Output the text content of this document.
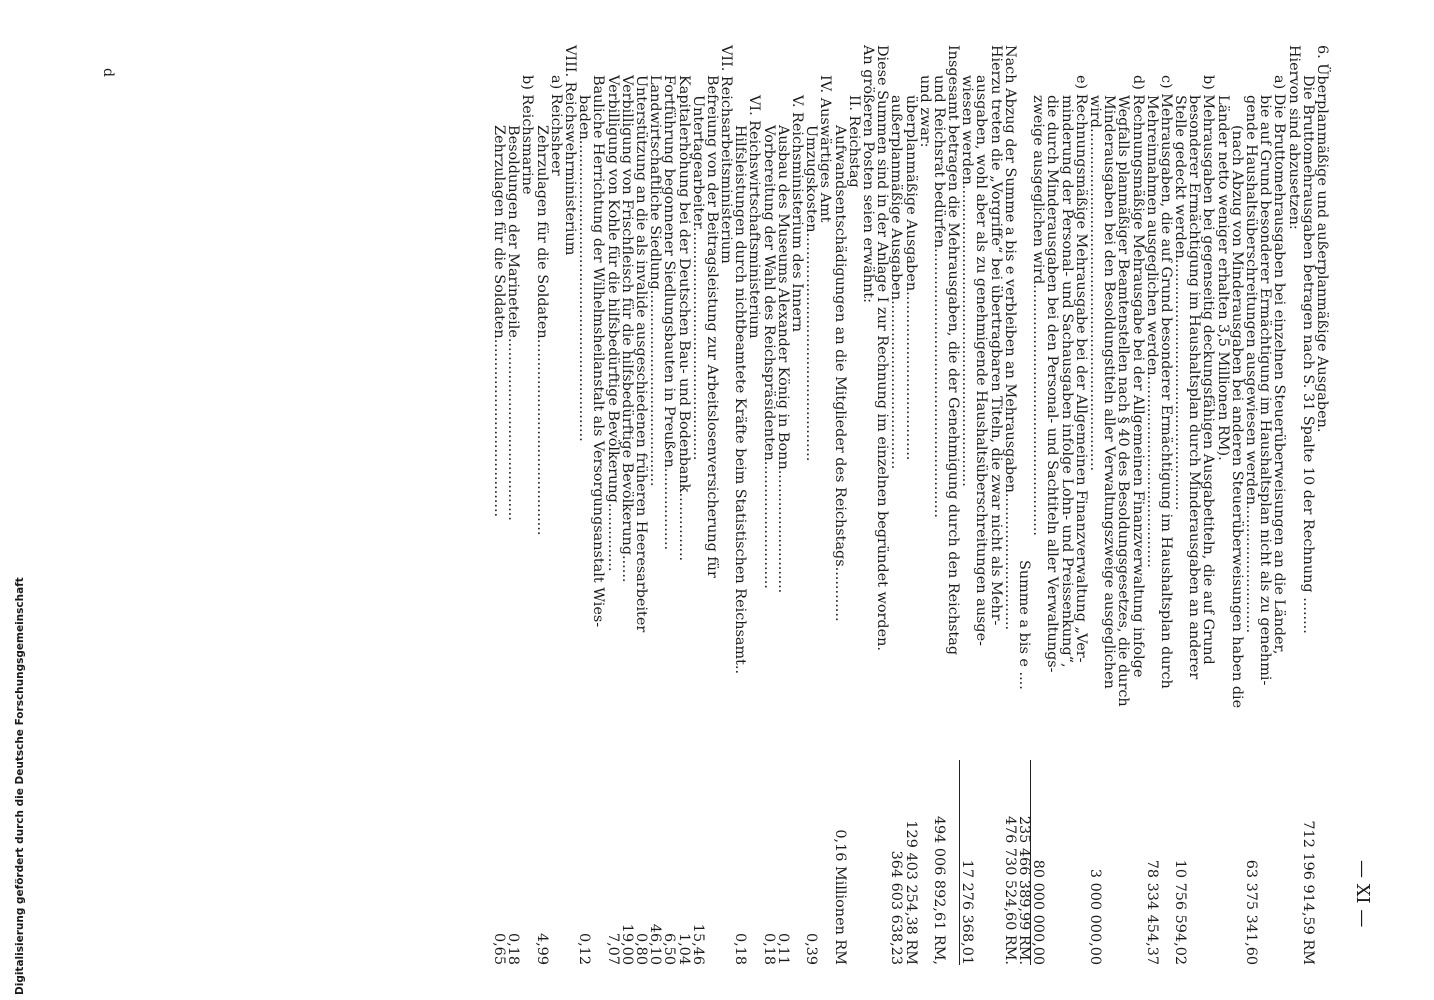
— XI —
6. Überplanmäßige und außerplanmäßige Ausgaben.
Die Bruttomehrausgaben betragen nach S. 31 Spalte 10 der Rechnung ........
712 196 914,59 RM
Hiervon sind abzusetzen:
a) Die Bruttomehrausgaben bei einzelnen Steuerüberweisungen an die Länder,
bie auf Grund besonderer Ermächtigung im Haushaltsplan nicht als zu genehmi-
gende Haushaltsüberschreitungen ausgewiesen werden............................
63 375 341,60
(nach Abzug von Minderausgaben bei anderen Steuerüberweisungen haben die
Länder netto weniger erhalten 3,5 Millionen RM).
b) Mehrausgaben bei gegenseitig deckungsfähigen Ausgabetiteln, die auf Grund
besonderer Ermächtigung im Haushaltsplan durch Minderausgaben an anderer
Stelle gedeckt werden.......................................................
10 756 594,02
c) Mehrausgaben, die auf Grund besonderer Ermächtigung im Haushaltsplan durch
Mehreinnahmen ausgeglichen werden..........................................
78 334 454,37
d) Rechnungsmäßige Mehrausgabe bei der Allgemeinen Finanzverwaltung infolge
Wegfalls planmäßiger Beamtenstellen nach § 40 des Besoldungsgesetzes, die durch
Minderausgaben bei den Besoldungstiteln aller Verwaltungszweige ausgeglichen
wird...........................................................................
3 000 000,00
e) Rechnungsmäßige Mehrausgabe bei der Allgemeinen Finanzverwaltung „Ver-
minderung der Personal- und Sachausgaben infolge Lohn- und Preissenkung“,
die durch Minderausgaben bei den Personal- und Sachtiteln aller Verwaltungs-
zweige ausgeglichen wird.......................................................
80 000 000,00
Summe a bis e ....
235 466 389,99 RM.
Nach Abzug der Summe a bis e verbleiben an Mehrausgaben..............................
476 730 524,60 RM.
Hierzu treten die „Vorgriffe“ bei übertragbaren Titeln, die zwar nicht als Mehr-
ausgaben, wohl aber als zu genehmigende Haushaltsüberschreitungen ausge-
wiesen werden..................................................................
17 276 368,01
Insgesamt betragen die Mehrausgaben, die der Genehmigung durch den Reichstag
und Reichsrat bedürfen...........................................................
494 006 892,61 RM,
und zwar:
überplanmäßige Ausgaben.....................................
129 403 254,38 RM
außerplanmäßige Ausgaben.....................................
364 603 638,23
Diese Summen sind in der Anlage I zur Rechnung im einzelnen begründet worden.
An größeren Posten seien erwähnt:
II. Reichstag
Aufwandsentschädigungen an die Mitglieder des Reichstags............
0,16 Millionen RM
IV. Auswärtiges Amt
Umzugskosten..................................................
0,39
V. Reichsministerium des Innern
Ausbau des Museums Alexander König in Bonn...........................
0,11
Vorbereitung der Wahl des Reichspräsidenten............................
0,18
VI. Reichswirtschaftsministerium
Hilfsleistungen durch nichtbeamtete Kräfte beim Statistischen Reichsamt..
0,18
VII. Reichsarbeitsministerium
Befreiung von der Beitragsleistung zur Arbeitslosenversicherung für
Untertagearbeiter...................................................
15,46
Kapitalerhöhung bei der Deutschen Bau- und Bodenbank...............
1,04
Fortführung begonnener Siedlungsbauten in Preußen..................
6,50
Landwirtschaftliche Siedlung...........................................
46,10
Unterstützung an die als invalide ausgeschiedenen früheren Heeresarbeiter
0,80
Verbilligung von Frischfleisch für die hilfsbedürftige Bevölkerung......
19,00
Verbilligung von Kohle für die hilfsbedürftige Bevölkerung...............
7,07
Bauliche Herrichtung der Wilhelmsheilanstalt als Versorgungsanstalt Wies-
baden..................................................................
0,12
VIII. Reichswehrministerium
a) Reichsheer
Zehrzulagen für die Soldaten...........................................
4,99
b) Reichsmarine
Besoldungen der Marineteile........................................
0,18
Zehrzulagen für die Soldaten.......................................
0,65
d
Digitalisierung gefördert durch die Deutsche Forschungsgemeinschaft
